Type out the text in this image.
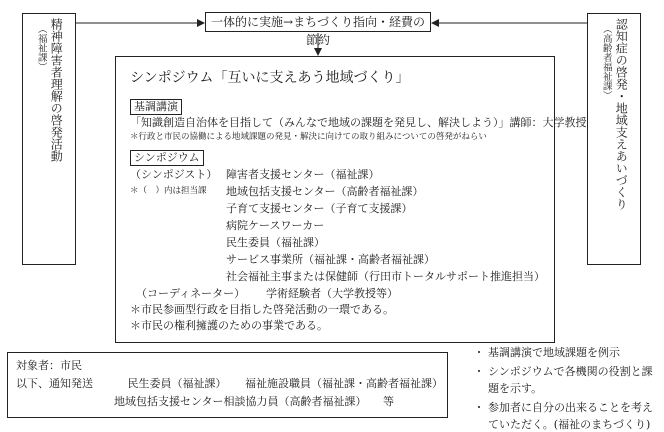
精神障害者理解の啓発活動
（福祉課）	認知症の啓発・地域支えあいづくり
（高齢者福祉課）
一体的に実施→まちづくり指向・経費の節約
シンポジウム「互いに支えあう地域づくり」
基調講演
「知識創造自治体を目指して（みんなで地域の課題を発見し、解決しよう）」講師：大学教授
＊行政と市民の協働による地域課題の発見・解決に向けての取り組みについての啓発がねらい
シンポジウム
（シンポジスト） 障害者支援センター（福祉課）
＊（　）内は担当課	地域包括支援センター（高齢者福祉課）
子育て支援センター（子育て支援課）
病院ケースワーカー
民生委員（福祉課）
サービス事業所（福祉課・高齢者福祉課）
社会福祉主事または保健師（行田市トータルサポート推進担当）
（コーディネーター）	学術経験者（大学教授等）
＊市民参画型行政を目指した啓発活動の一環である。
＊市民の権利擁護のための事業である。
対象者：市民
以下、通知発送	民生委員（福祉課） 福祉施設職員（福祉課・高齢者福祉課）
地域包括支援センター相談協力員（高齢者福祉課）　　等
・ 基調講演で地域課題を例示
・ シンポジウムで各機関の役割と課題を示す。
・ 参加者に自分の出来ることを考えていただく。(福祉のまちづくり)
